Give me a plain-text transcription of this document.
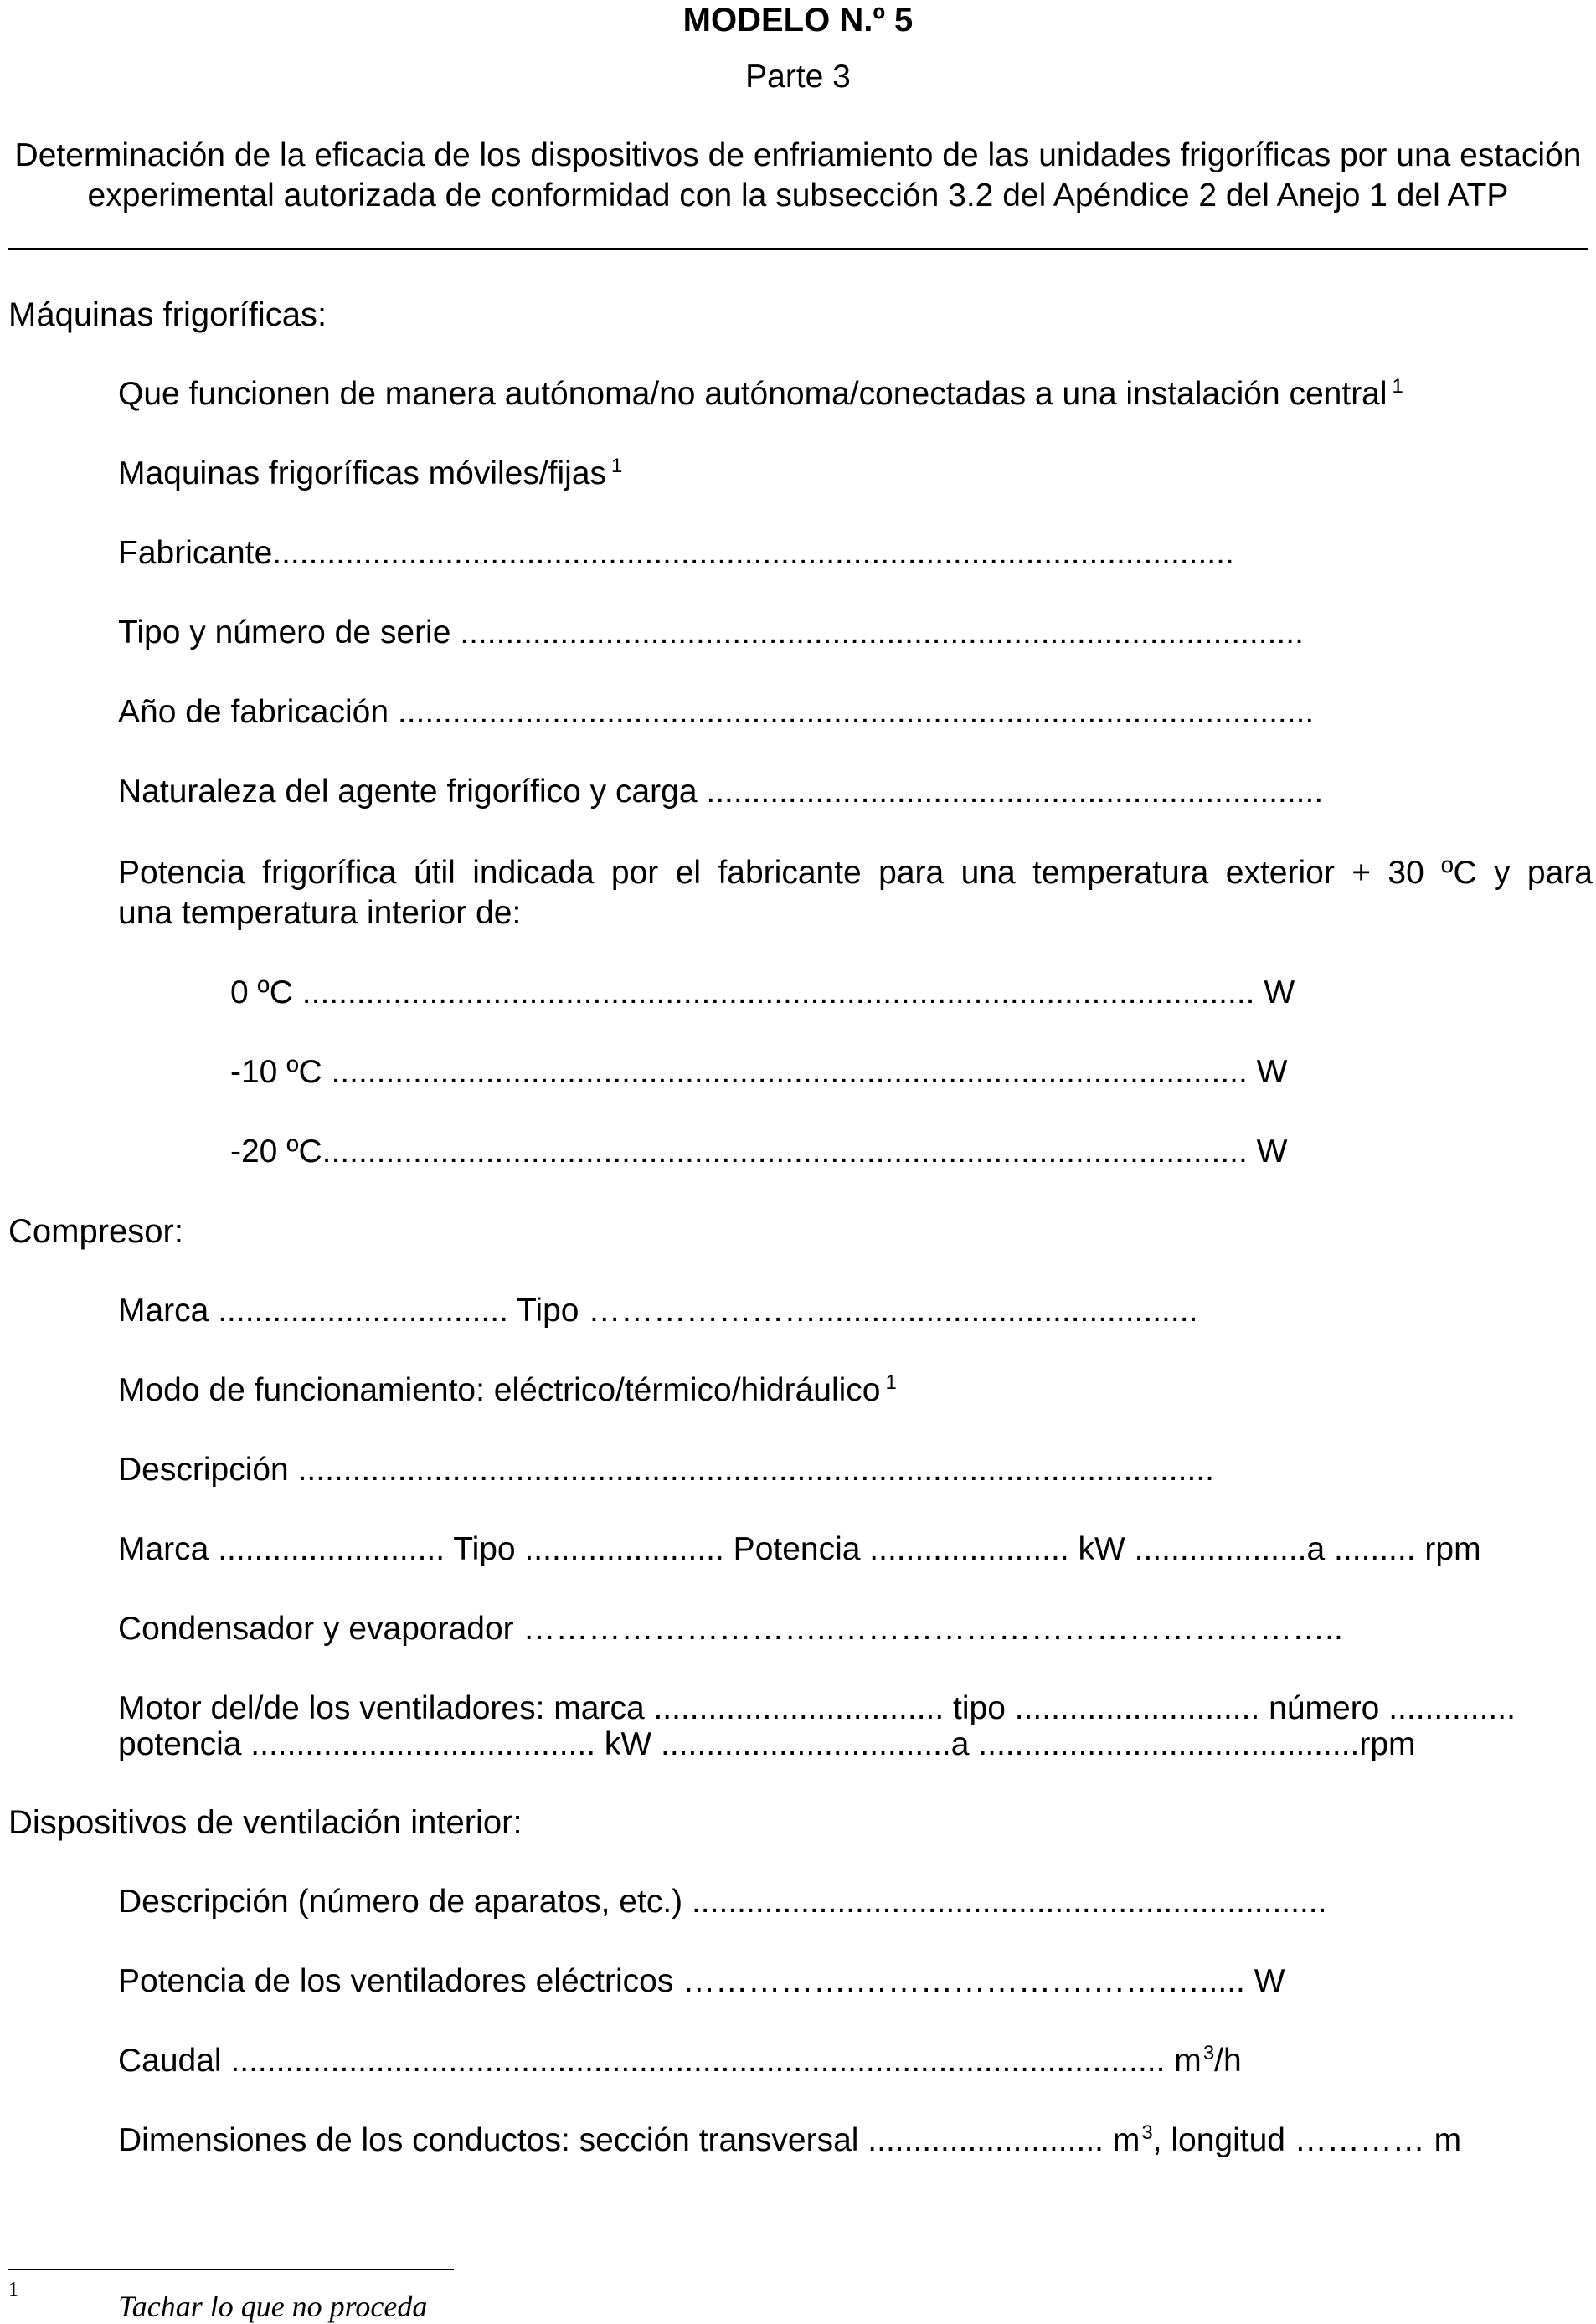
MODELO N.º 5
Parte 3
Determinación de la eficacia de los dispositivos de enfriamiento de las unidades frigoríficas por una estación
experimental autorizada de conformidad con la subsección 3.2 del Apéndice 2 del Anejo 1 del ATP
Máquinas frigoríficas:
Que funcionen de manera autónoma/no autónoma/conectadas a una instalación central $^1$
Maquinas frigoríficas móviles/fijas $^1$
Fabricante..........................................................................................................
Tipo y número de serie .............................................................................................
Año de fabricación .....................................................................................................
Naturaleza del agente frigorífico y carga ....................................................................
Potencia frigorífica útil indicada por el fabricante para una temperatura exterior + 30 ºC y para
una temperatura interior de:
0 ºC ......................................................................................................... W
-10 ºC ..................................................................................................... W
-20 ºC...................................................................................................... W
Compresor:
Marca ................................ Tipo …………………..........................................
Modo de funcionamiento: eléctrico/térmico/hidráulico $^1$
Descripción .....................................................................................................
Marca ......................... Tipo ...................... Potencia ...................... kW ...................a ......... rpm
Condensador y evaporador ………………………..………………………………………..
Motor del/de los ventiladores: marca ................................ tipo ........................... número ..............
potencia ...................................... kW ................................a ..........................................rpm
Dispositivos de ventilación interior:
Descripción (número de aparatos, etc.) ......................................................................
Potencia de los ventiladores eléctricos …………….………………….…….…..... W
Caudal ....................................................................................................... $m^3/h$
Dimensiones de los conductos: sección transversal .......................... $m^3$, longitud ………… m
1	Tachar lo que no proceda
